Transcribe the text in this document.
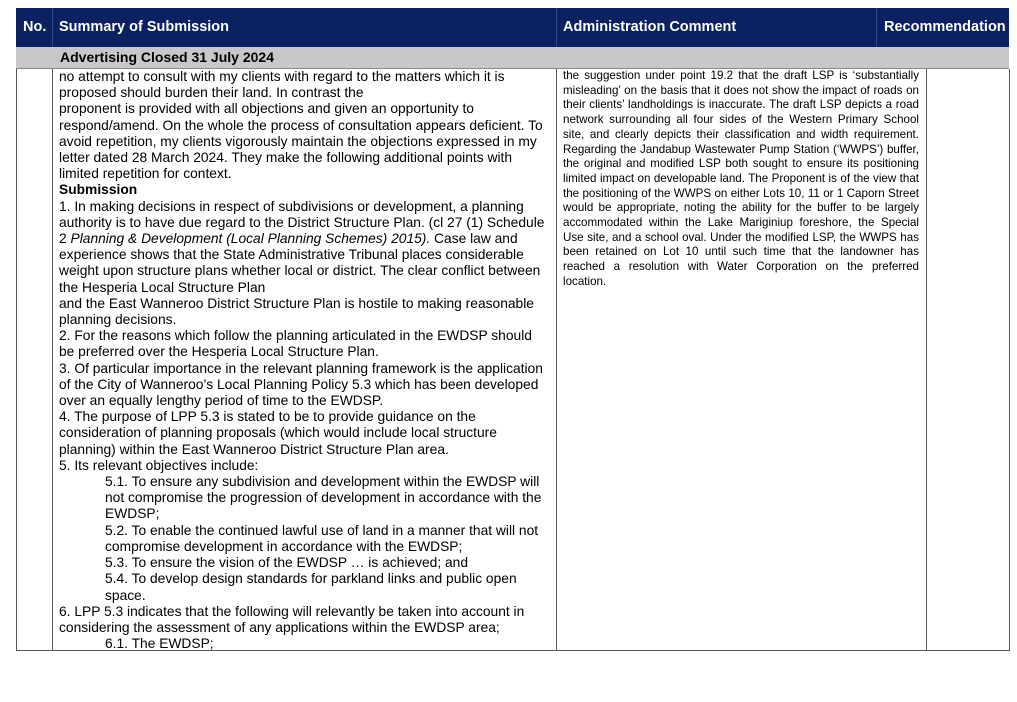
No. Summary of Submission	Administration Comment	Recommendation
Advertising Closed 31 July 2024

no attempt to consult with my clients with regard to the matters which it is

proposed should burden their land. In contrast the

proponent is provided with all objections and given an opportunity to respond/amend. On the whole the process of consultation appears deficient. To avoid repetition, my clients vigorously maintain the objections expressed in my letter dated 28 March 2024. They make the following additional points with limited repetition for context.

Submission

1. In making decisions in respect of subdivisions or development, a planning authority is to have due regard to the District Structure Plan. (cl 27 (1) Schedule 2 Planning & Development (Local Planning Schemes) 2015). Case law and experience shows that the State Administrative Tribunal places considerable weight upon structure plans whether local or district. The clear conflict between the Hesperia Local Structure Plan

and the East Wanneroo District Structure Plan is hostile to making reasonable planning decisions.

2. For the reasons which follow the planning articulated in the EWDSP should be preferred over the Hesperia Local Structure Plan.

3. Of particular importance in the relevant planning framework is the application of the City of Wanneroo’s Local Planning Policy 5.3 which has been developed over an equally lengthy period of time to the EWDSP.

4. The purpose of LPP 5.3 is stated to be to provide guidance on the consideration of planning proposals (which would include local structure planning) within the East Wanneroo District Structure Plan area.

5. Its relevant objectives include:

5.1. To ensure any subdivision and development within the EWDSP will not compromise the progression of development in accordance with the EWDSP;

5.2. To enable the continued lawful use of land in a manner that will not compromise development in accordance with the EWDSP;

5.3. To ensure the vision of the EWDSP … is achieved; and

5.4. To develop design standards for parkland links and public open space.

6. LPP 5.3 indicates that the following will relevantly be taken into account in considering the assessment of any applications within the EWDSP area;

6.1. The EWDSP;

the suggestion under point 19.2 that the draft LSP is ‘substantially misleading’ on the basis that it does not show the impact of roads on their clients’ landholdings is inaccurate. The draft LSP depicts a road network surrounding all four sides of the Western Primary School site, and clearly depicts their classification and width requirement. Regarding the Jandabup Wastewater Pump Station (‘WWPS’) buffer, the original and modified LSP both sought to ensure its positioning limited impact on developable land. The Proponent is of the view that the positioning of the WWPS on either Lots 10, 11 or 1 Caporn Street would be appropriate, noting the ability for the buffer to be largely accommodated within the Lake Mariginiup foreshore, the Special Use site, and a school oval. Under the modified LSP, the WWPS has been retained on Lot 10 until such time that the landowner has reached a resolution with Water Corporation on the preferred location.
